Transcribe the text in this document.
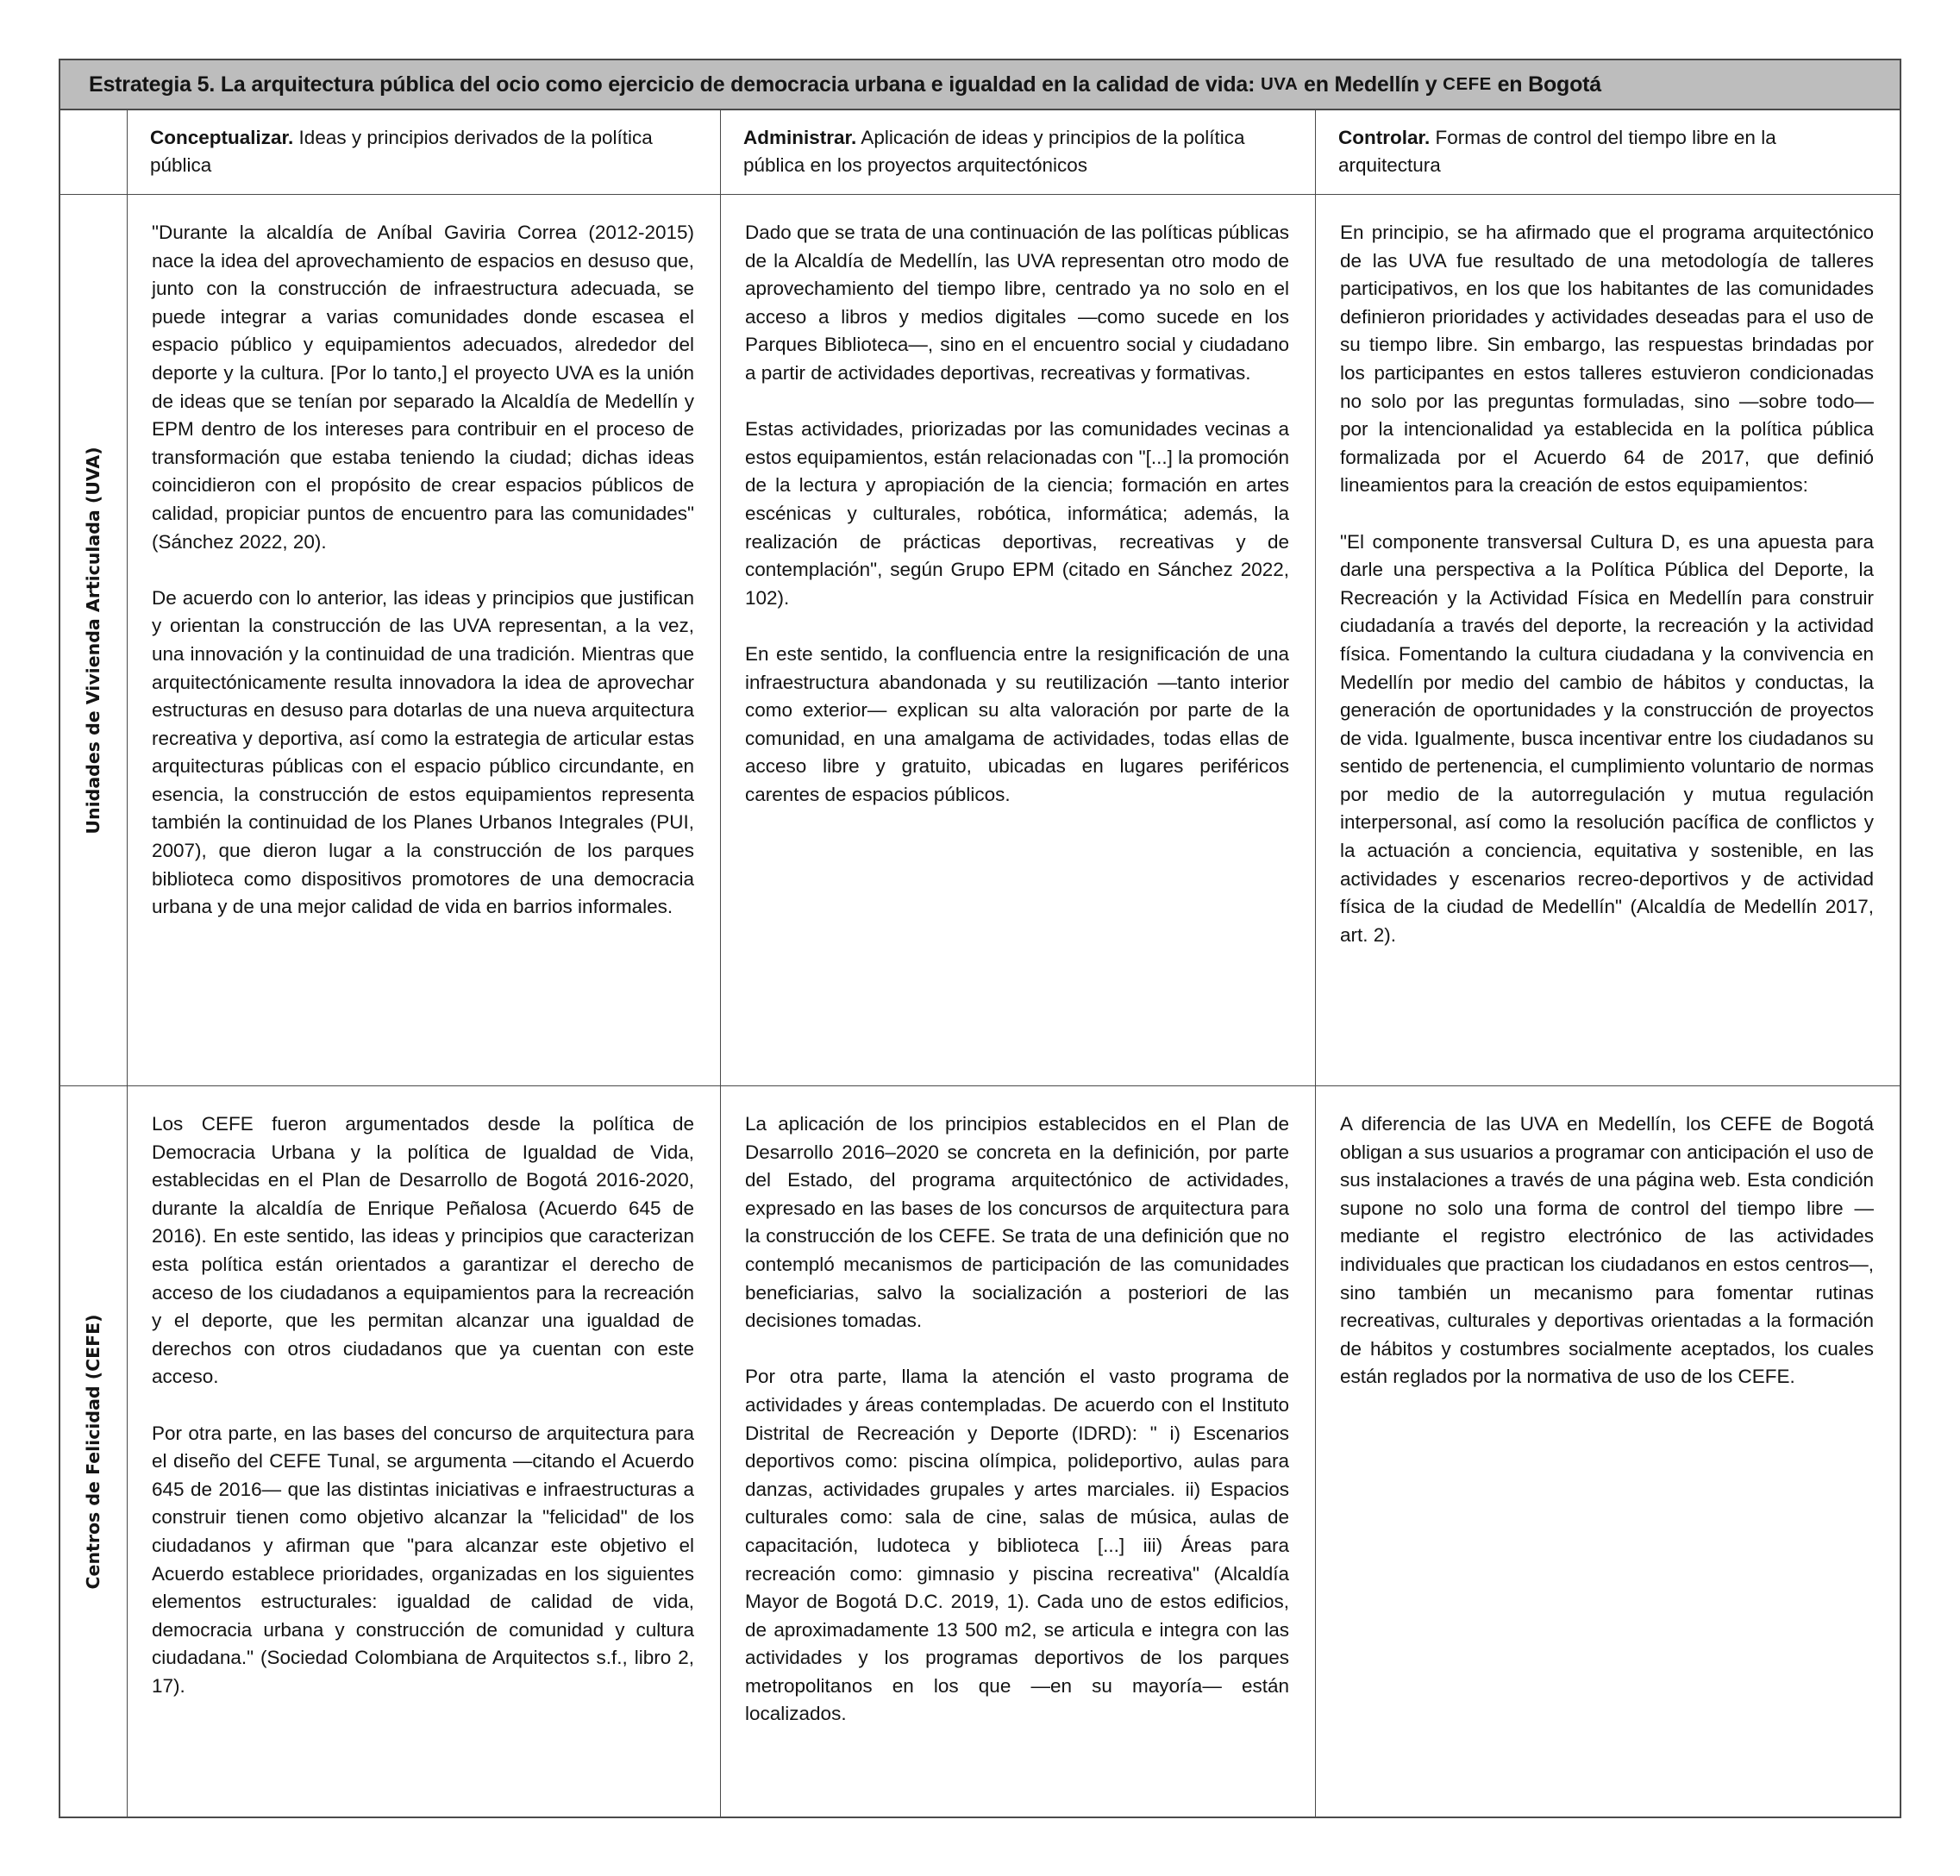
Estrategia 5. La arquitectura pública del ocio como ejercicio de democracia urbana e igualdad en la calidad de vida: UVA en Medellín y CEFE en Bogotá
Conceptualizar. Ideas y principios derivados de la política pública
Administrar. Aplicación de ideas y principios de la política pública en los proyectos arquitectónicos
Controlar. Formas de control del tiempo libre en la arquitectura
Unidades de Vivienda Articulada (UVA)

"Durante la alcaldía de Aníbal Gaviria Correa (2012-2015) nace la idea del aprovechamiento de espacios en desuso que, junto con la construcción de infraestructura adecuada, se puede integrar a varias comunidades donde escasea el espacio público y equipamientos adecuados, alrededor del deporte y la cultura. [Por lo tanto,] el proyecto UVA es la unión de ideas que se tenían por separado la Alcaldía de Medellín y EPM dentro de los intereses para contribuir en el proceso de transformación que estaba teniendo la ciudad; dichas ideas coincidieron con el propósito de crear espacios públicos de calidad, propiciar puntos de encuentro para las comunidades" (Sánchez 2022, 20).

De acuerdo con lo anterior, las ideas y principios que justifican y orientan la construcción de las UVA representan, a la vez, una innovación y la continuidad de una tradición. Mientras que arquitectónicamente resulta innovadora la idea de aprovechar estructuras en desuso para dotarlas de una nueva arquitectura recreativa y deportiva, así como la estrategia de articular estas arquitecturas públicas con el espacio público circundante, en esencia, la construcción de estos equipamientos representa también la continuidad de los Planes Urbanos Integrales (PUI, 2007), que dieron lugar a la construcción de los parques biblioteca como dispositivos promotores de una democracia urbana y de una mejor calidad de vida en barrios informales.

Dado que se trata de una continuación de las políticas públicas de la Alcaldía de Medellín, las UVA representan otro modo de aprovechamiento del tiempo libre, centrado ya no solo en el acceso a libros y medios digitales —como sucede en los Parques Biblioteca—, sino en el encuentro social y ciudadano a partir de actividades deportivas, recreativas y formativas.

Estas actividades, priorizadas por las comunidades vecinas a estos equipamientos, están relacionadas con "[...] la promoción de la lectura y apropiación de la ciencia; formación en artes escénicas y culturales, robótica, informática; además, la realización de prácticas deportivas, recreativas y de contemplación", según Grupo EPM (citado en Sánchez 2022, 102).

En este sentido, la confluencia entre la resignificación de una infraestructura abandonada y su reutilización —tanto interior como exterior— explican su alta valoración por parte de la comunidad, en una amalgama de actividades, todas ellas de acceso libre y gratuito, ubicadas en lugares periféricos carentes de espacios públicos.

En principio, se ha afirmado que el programa arquitectónico de las UVA fue resultado de una metodología de talleres participativos, en los que los habitantes de las comunidades definieron prioridades y actividades deseadas para el uso de su tiempo libre. Sin embargo, las respuestas brindadas por los participantes en estos talleres estuvieron condicionadas no solo por las preguntas formuladas, sino —sobre todo— por la intencionalidad ya establecida en la política pública formalizada por el Acuerdo 64 de 2017, que definió lineamientos para la creación de estos equipamientos:

"El componente transversal Cultura D, es una apuesta para darle una perspectiva a la Política Pública del Deporte, la Recreación y la Actividad Física en Medellín para construir ciudadanía a través del deporte, la recreación y la actividad física. Fomentando la cultura ciudadana y la convivencia en Medellín por medio del cambio de hábitos y conductas, la generación de oportunidades y la construcción de proyectos de vida. Igualmente, busca incentivar entre los ciudadanos su sentido de pertenencia, el cumplimiento voluntario de normas por medio de la autorregulación y mutua regulación interpersonal, así como la resolución pacífica de conflictos y la actuación a conciencia, equitativa y sostenible, en las actividades y escenarios recreo-deportivos y de actividad física de la ciudad de Medellín" (Alcaldía de Medellín 2017, art. 2).

Centros de Felicidad (CEFE)

Los CEFE fueron argumentados desde la política de Democracia Urbana y la política de Igualdad de Vida, establecidas en el Plan de Desarrollo de Bogotá 2016-2020, durante la alcaldía de Enrique Peñalosa (Acuerdo 645 de 2016). En este sentido, las ideas y principios que caracterizan esta política están orientados a garantizar el derecho de acceso de los ciudadanos a equipamientos para la recreación y el deporte, que les permitan alcanzar una igualdad de derechos con otros ciudadanos que ya cuentan con este acceso.

Por otra parte, en las bases del concurso de arquitectura para el diseño del CEFE Tunal, se argumenta —citando el Acuerdo 645 de 2016— que las distintas iniciativas e infraestructuras a construir tienen como objetivo alcanzar la "felicidad" de los ciudadanos y afirman que "para alcanzar este objetivo el Acuerdo establece prioridades, organizadas en los siguientes elementos estructurales: igualdad de calidad de vida, democracia urbana y construcción de comunidad y cultura ciudadana." (Sociedad Colombiana de Arquitectos s.f., libro 2, 17).

La aplicación de los principios establecidos en el Plan de Desarrollo 2016–2020 se concreta en la definición, por parte del Estado, del programa arquitectónico de actividades, expresado en las bases de los concursos de arquitectura para la construcción de los CEFE. Se trata de una definición que no contempló mecanismos de participación de las comunidades beneficiarias, salvo la socialización a posteriori de las decisiones tomadas.

Por otra parte, llama la atención el vasto programa de actividades y áreas contempladas. De acuerdo con el Instituto Distrital de Recreación y Deporte (IDRD): " i) Escenarios deportivos como: piscina olímpica, polideportivo, aulas para danzas, actividades grupales y artes marciales. ii) Espacios culturales como: sala de cine, salas de música, aulas de capacitación, ludoteca y biblioteca [...] iii) Áreas para recreación como: gimnasio y piscina recreativa" (Alcaldía Mayor de Bogotá D.C. 2019, 1). Cada uno de estos edificios, de aproximadamente 13 500 m2, se articula e integra con las actividades y los programas deportivos de los parques metropolitanos en los que —en su mayoría— están localizados.

A diferencia de las UVA en Medellín, los CEFE de Bogotá obligan a sus usuarios a programar con anticipación el uso de sus instalaciones a través de una página web. Esta condición supone no solo una forma de control del tiempo libre —mediante el registro electrónico de las actividades individuales que practican los ciudadanos en estos centros—, sino también un mecanismo para fomentar rutinas recreativas, culturales y deportivas orientadas a la formación de hábitos y costumbres socialmente aceptados, los cuales están reglados por la normativa de uso de los CEFE.
